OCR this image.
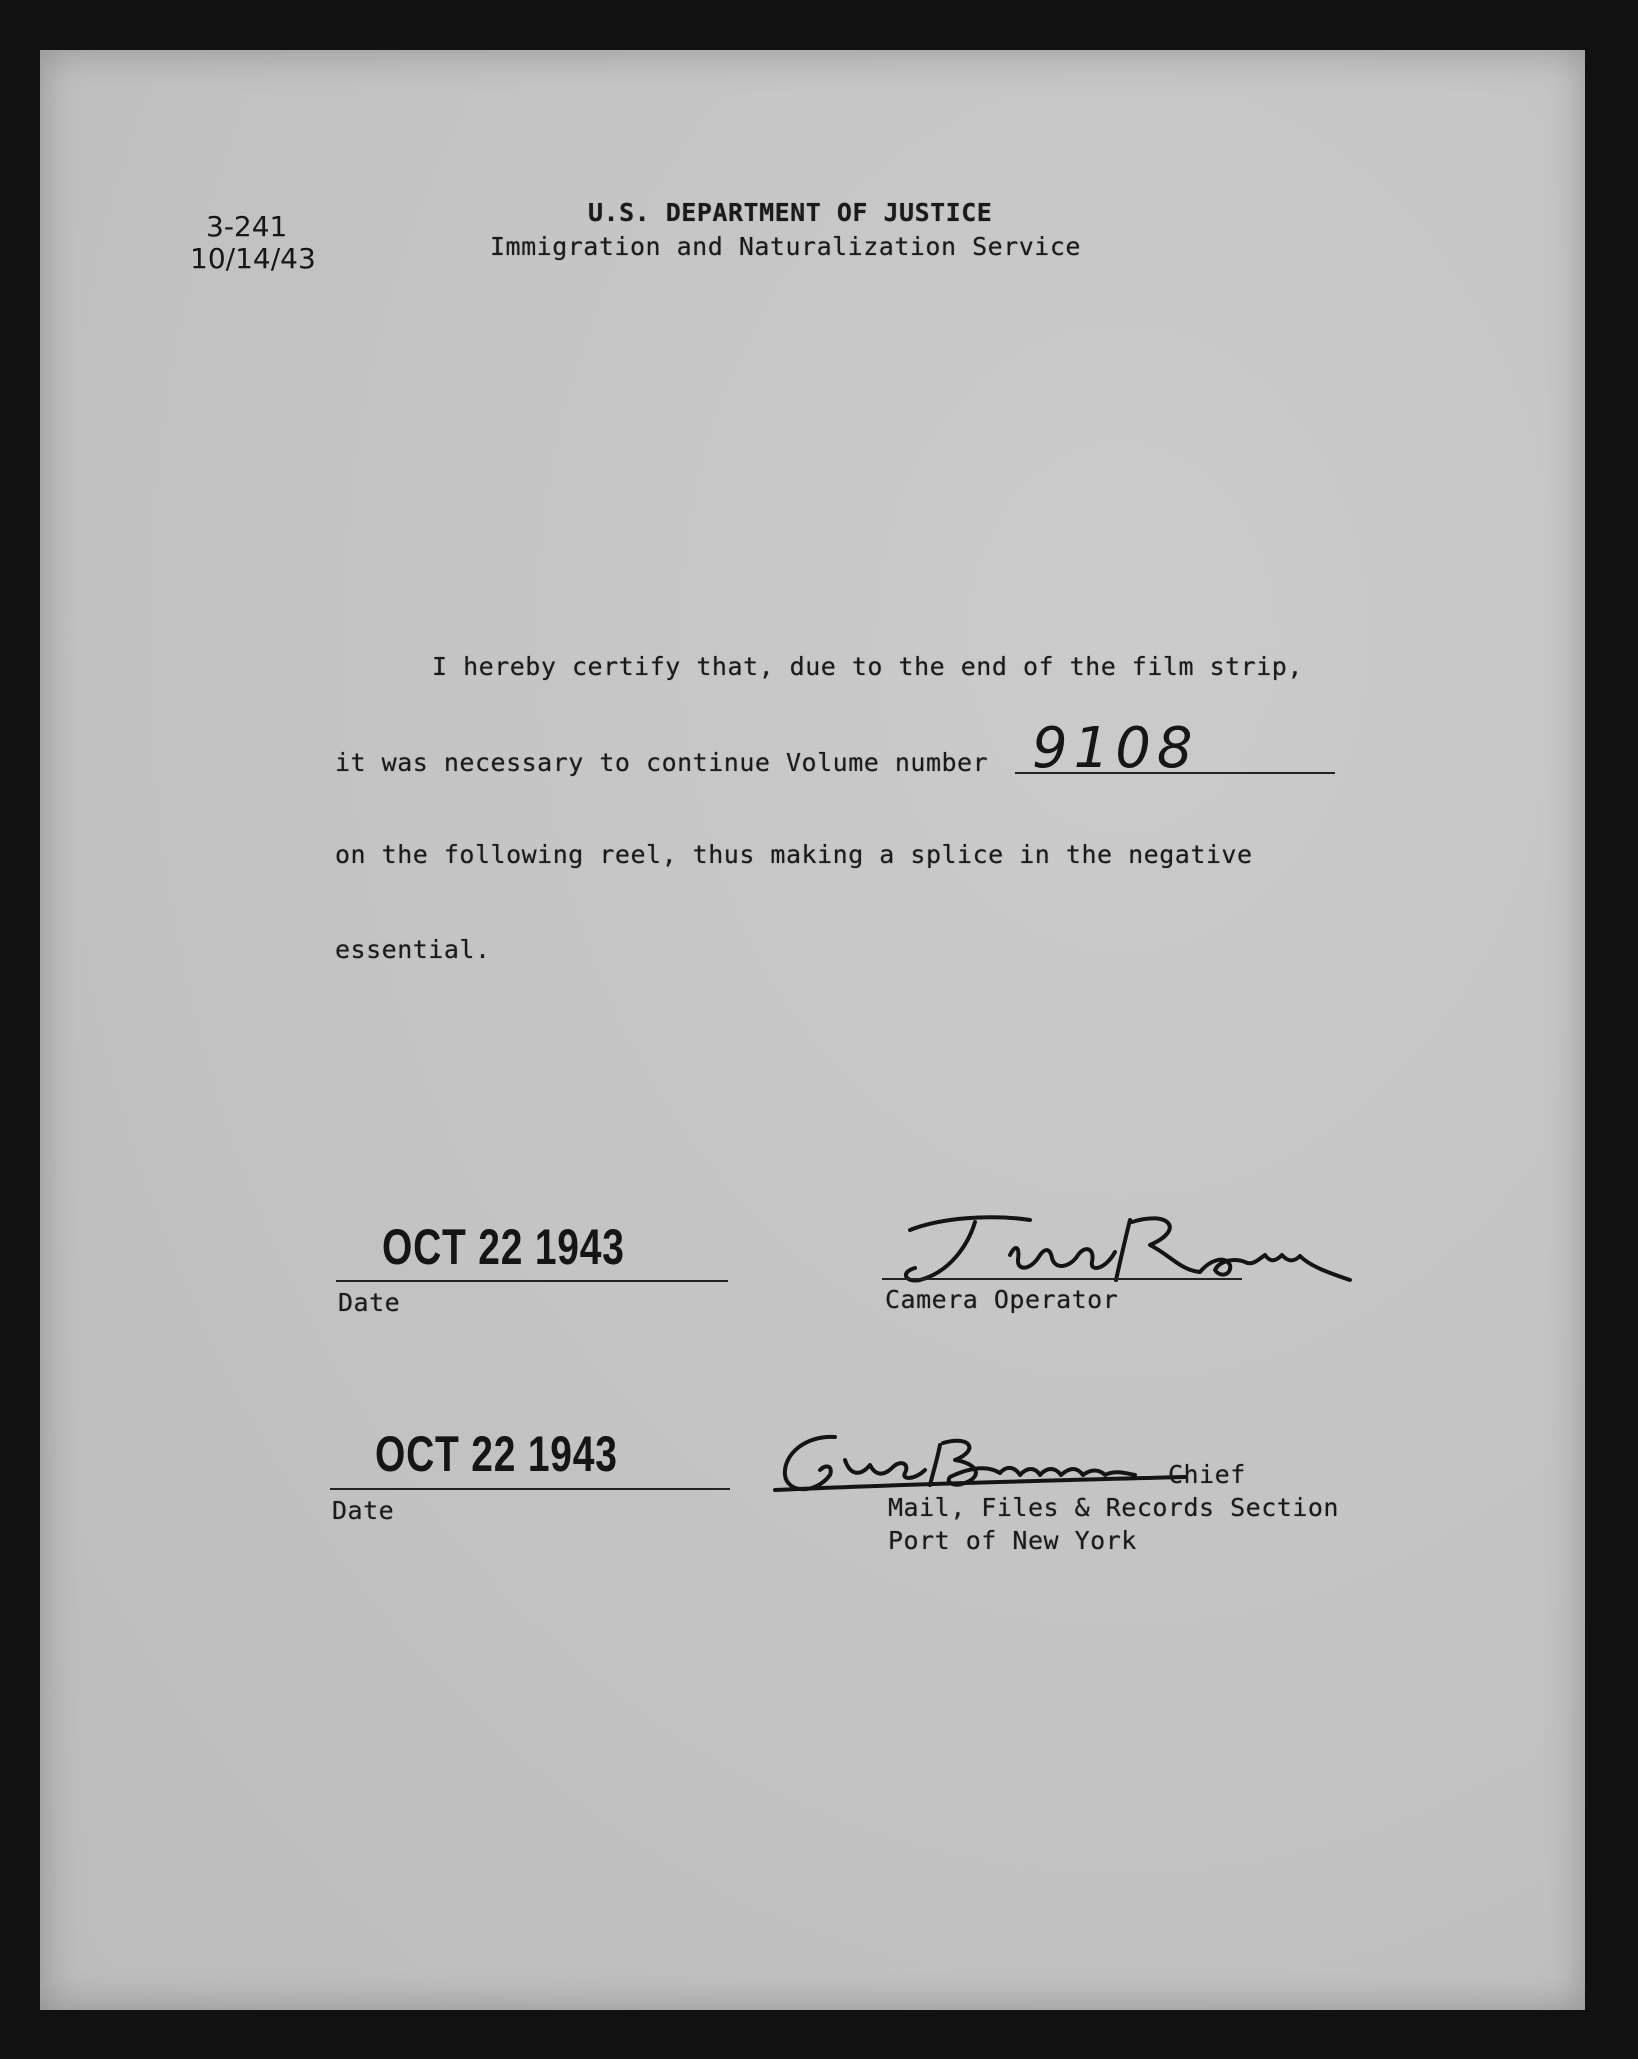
3-241
10/14/43
U.S. DEPARTMENT OF JUSTICE
Immigration and Naturalization Service
I hereby certify that, due to the end of the film strip,
it was necessary to continue Volume number 9108
on the following reel, thus making a splice in the negative
essential.
OCT 22 1943
Date	Camera Operator
OCT 22 1943
Date
Chief
Mail, Files & Records Section
Port of New York
